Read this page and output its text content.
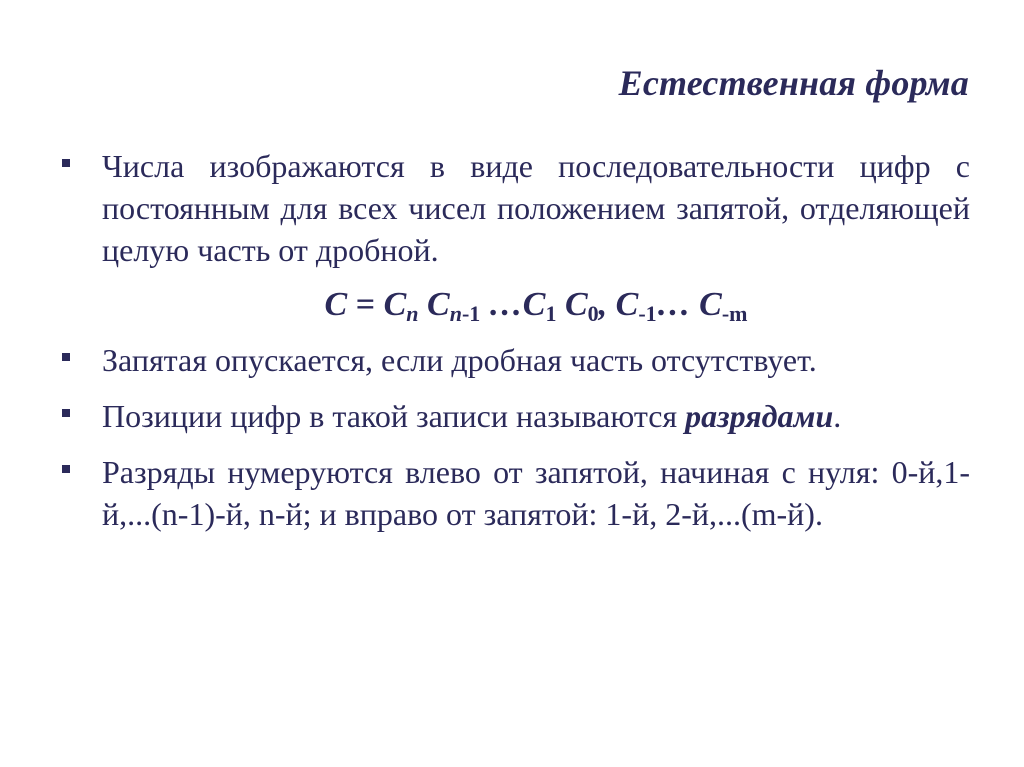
Естественная форма
Числа изображаются в виде последовательности цифр с постоянным для всех чисел положением запятой, отделяющей целую часть от дробной.
$C = C_n$ $C_{n-1}$ $\dots C_1$ $C_0$, $C_{-1}\dots$ $C_{-m}$
Запятая опускается, если дробная часть отсутствует.
Позиции цифр в такой записи называются разрядами.
Разряды нумеруются влево от запятой, начиная с нуля: 0-й,1-й,...(n-1)-й, n-й; и вправо от запятой: 1-й, 2-й,...(m-й).
